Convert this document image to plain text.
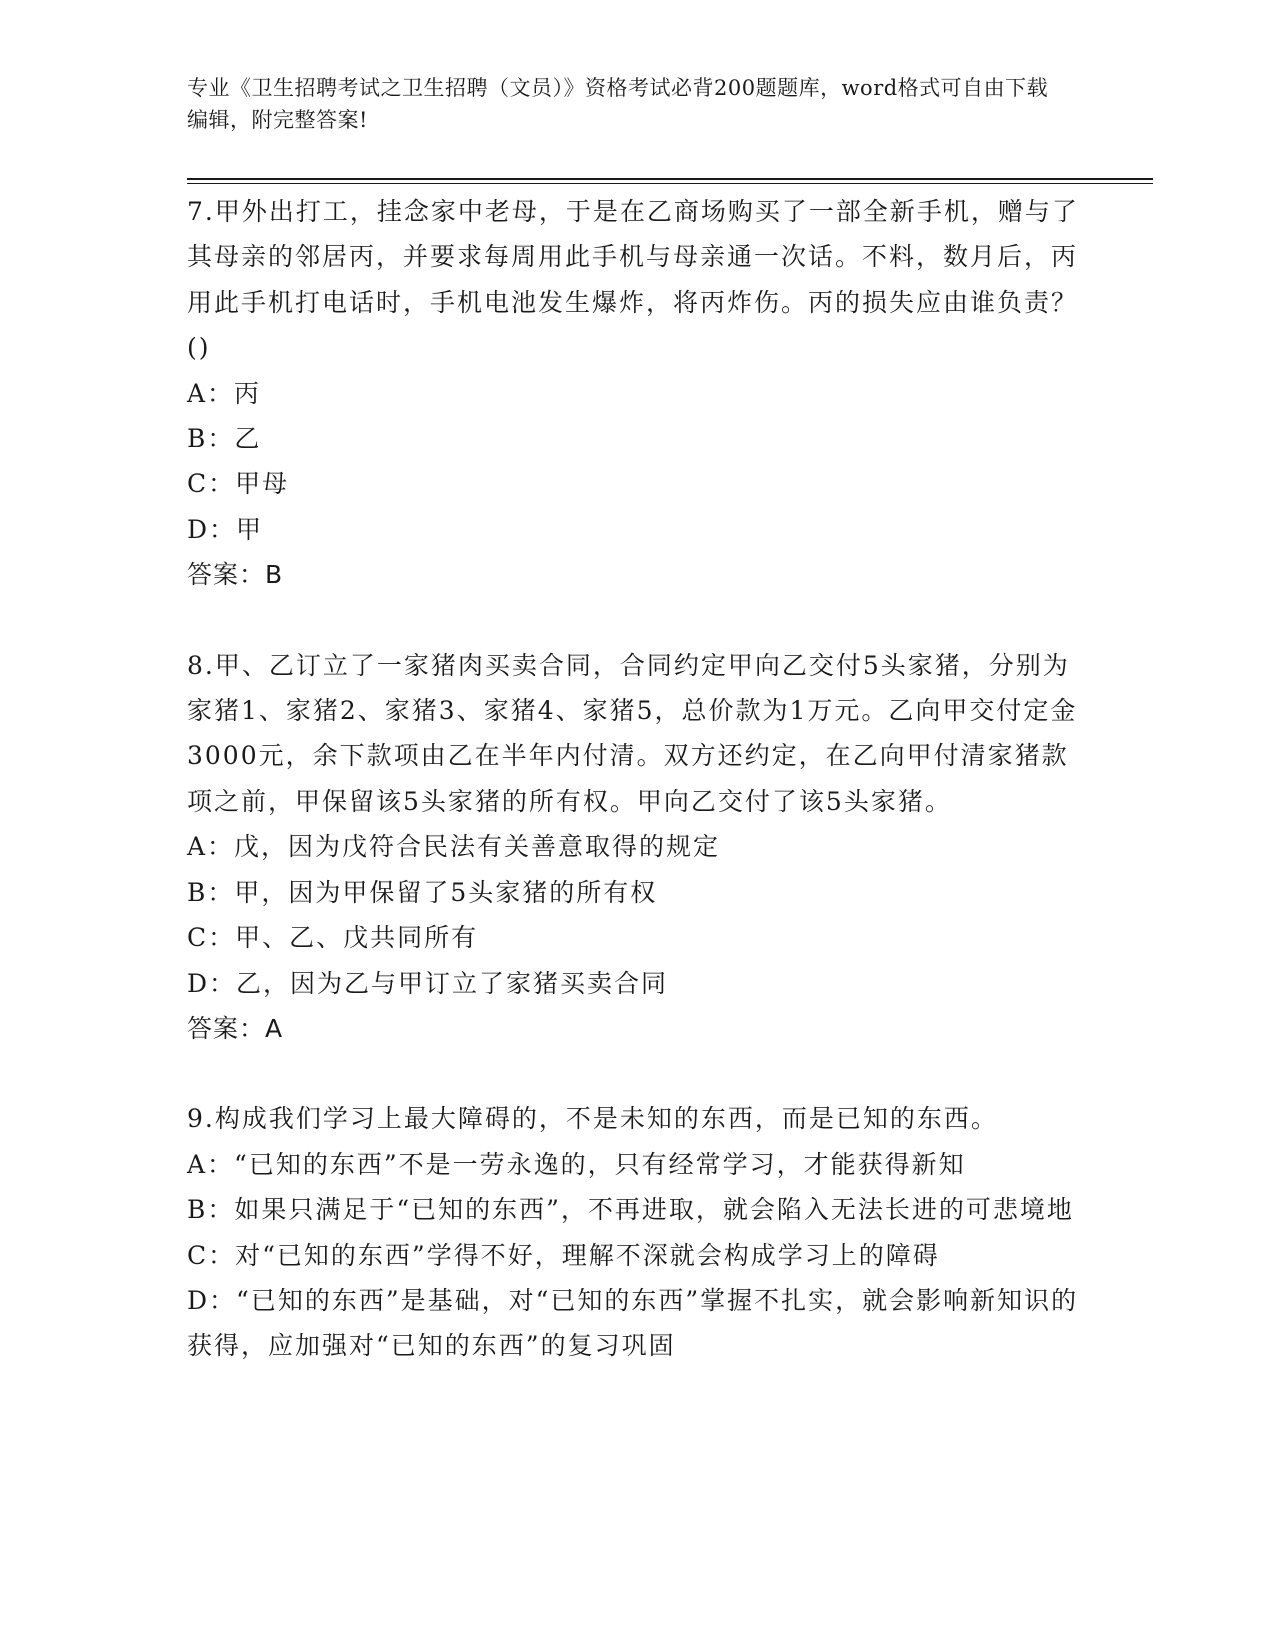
专业《卫生招聘考试之卫生招聘（文员）》资格考试必背200题题库，word格式可自由下载编辑，附完整答案!

7.甲外出打工，挂念家中老母，于是在乙商场购买了一部全新手机，赠与了其母亲的邻居丙，并要求每周用此手机与母亲通一次话。不料，数月后，丙用此手机打电话时，手机电池发生爆炸，将丙炸伤。丙的损失应由谁负责？()

A：丙

B：乙

C：甲母

D：甲

答案：B

8.甲、乙订立了一家猪肉买卖合同，合同约定甲向乙交付5头家猪，分别为家猪1、家猪2、家猪3、家猪4、家猪5，总价款为1万元。乙向甲交付定金3000元，余下款项由乙在半年内付清。双方还约定，在乙向甲付清家猪款项之前，甲保留该5头家猪的所有权。甲向乙交付了该5头家猪。

A：戊，因为戊符合民法有关善意取得的规定

B：甲，因为甲保留了5头家猪的所有权

C：甲、乙、戊共同所有

D：乙，因为乙与甲订立了家猪买卖合同

答案：A

9.构成我们学习上最大障碍的，不是未知的东西，而是已知的东西。

A：“已知的东西”不是一劳永逸的，只有经常学习，才能获得新知

B：如果只满足于“已知的东西”，不再进取，就会陷入无法长进的可悲境地

C：对“已知的东西”学得不好，理解不深就会构成学习上的障碍

D：“已知的东西”是基础，对“已知的东西”掌握不扎实，就会影响新知识的获得，应加强对“已知的东西”的复习巩固
